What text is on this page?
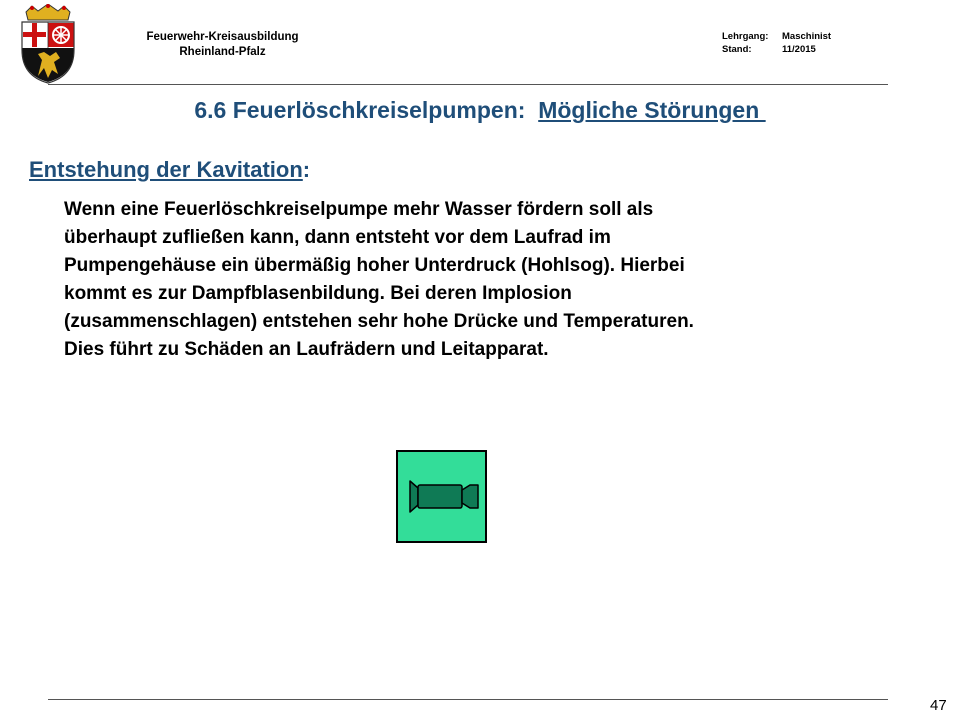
Feuerwehr-Kreisausbildung
Rheinland-Pfalz
Lehrgang:	Maschinist
Stand:	11/2015
6.6 Feuerlöschkreiselpumpen: Mögliche Störungen
Entstehung der Kavitation:

Wenn eine Feuerlöschkreiselpumpe mehr Wasser fördern soll als
überhaupt zufließen kann, dann entsteht vor dem Laufrad im
Pumpengehäuse ein übermäßig hoher Unterdruck (Hohlsog). Hierbei
kommt es zur Dampfblasenbildung. Bei deren Implosion
(zusammenschlagen) entstehen sehr hohe Drücke und Temperaturen.
Dies führt zu Schäden an Laufrädern und Leitapparat.

47
